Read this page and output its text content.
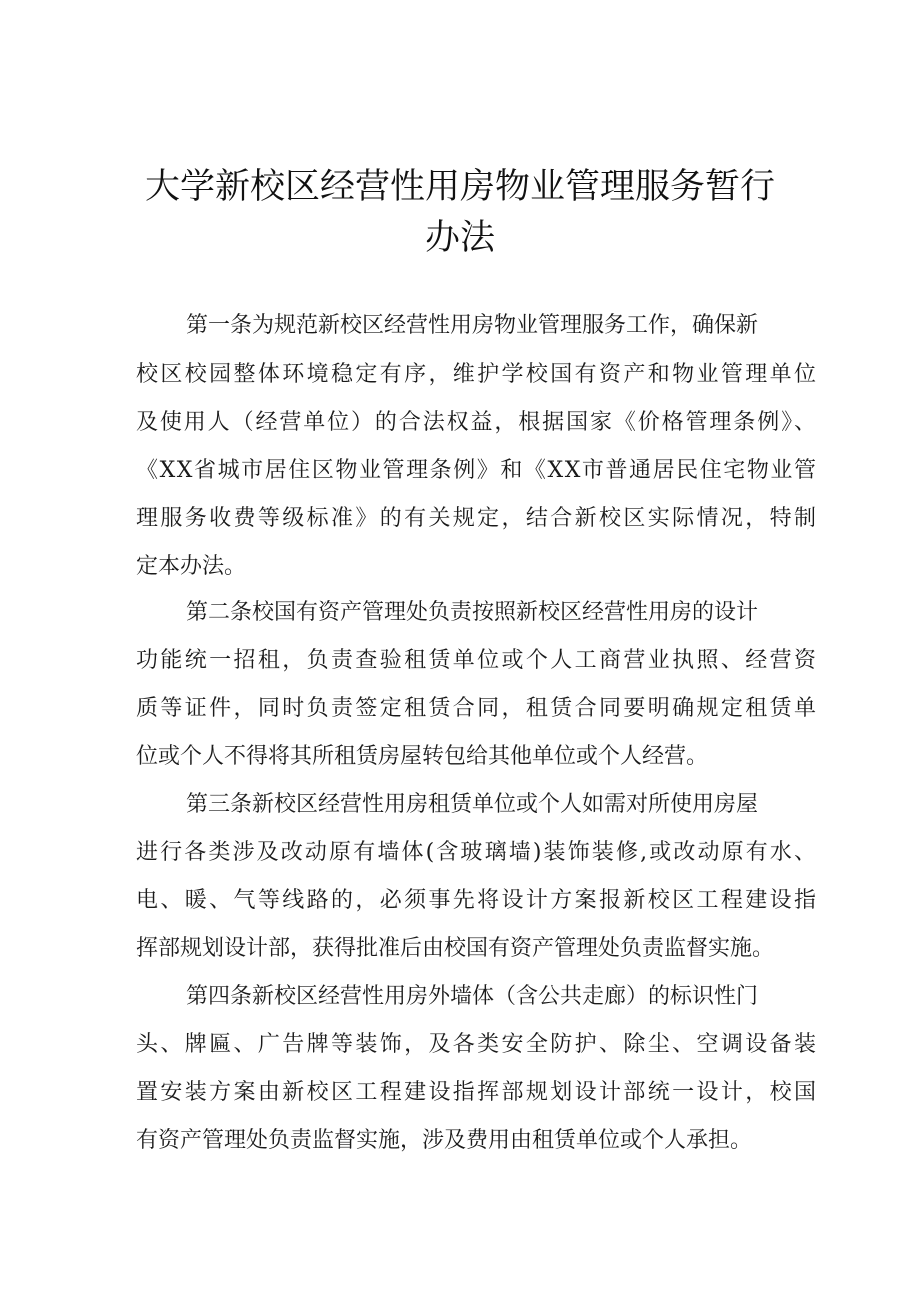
大学新校区经营性用房物业管理服务暂行
办法
第一条为规范新校区经营性用房物业管理服务工作，确保新
校区校园整体环境稳定有序，维护学校国有资产和物业管理单位
及使用人（经营单位）的合法权益，根据国家《价格管理条例》、
《XX省城市居住区物业管理条例》和《XX市普通居民住宅物业管
理服务收费等级标准》的有关规定，结合新校区实际情况，特制
定本办法。
第二条校国有资产管理处负责按照新校区经营性用房的设计
功能统一招租，负责查验租赁单位或个人工商营业执照、经营资
质等证件，同时负责签定租赁合同，租赁合同要明确规定租赁单
位或个人不得将其所租赁房屋转包给其他单位或个人经营。
第三条新校区经营性用房租赁单位或个人如需对所使用房屋
进行各类涉及改动原有墙体(含玻璃墙)装饰装修,或改动原有水、
电、暖、气等线路的，必须事先将设计方案报新校区工程建设指
挥部规划设计部，获得批准后由校国有资产管理处负责监督实施。
第四条新校区经营性用房外墙体（含公共走廊）的标识性门
头、牌匾、广告牌等装饰，及各类安全防护、除尘、空调设备装
置安装方案由新校区工程建设指挥部规划设计部统一设计，校国
有资产管理处负责监督实施，涉及费用由租赁单位或个人承担。
